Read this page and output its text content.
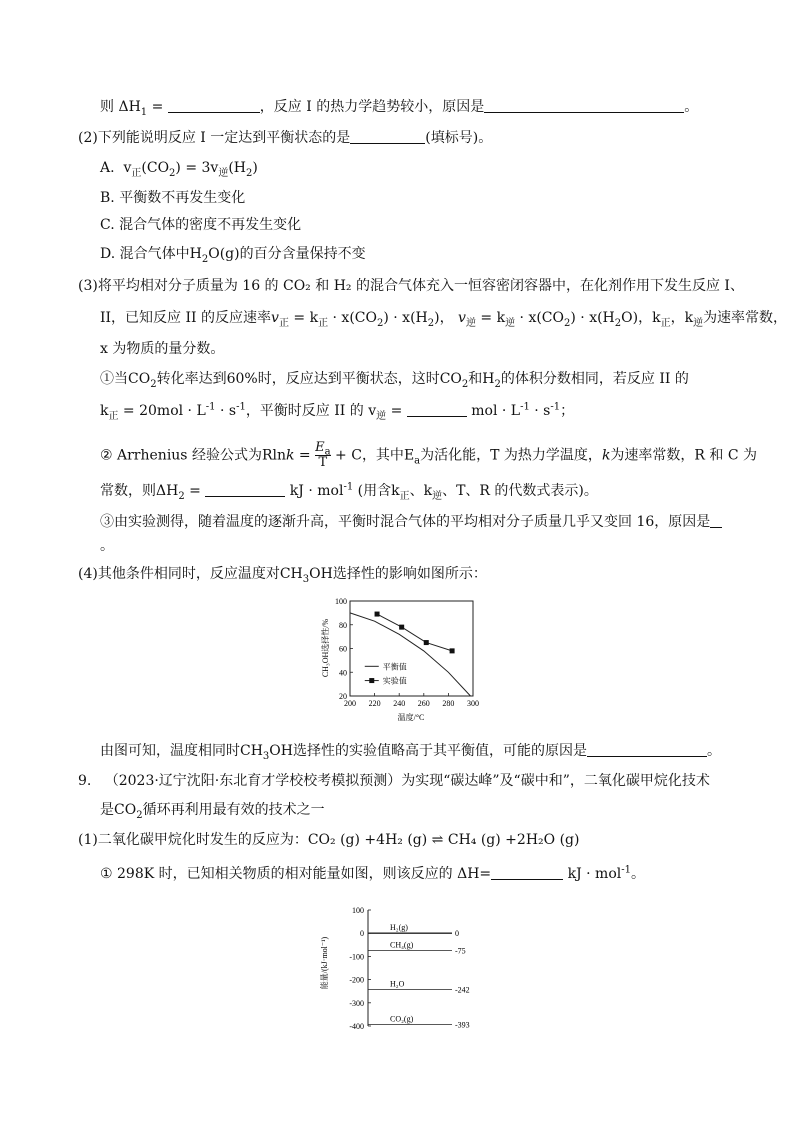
则 $\Delta H_1$ =	，反应 I 的热力学趋势较小，原因是	。
(2)下列能说明反应 I 一定达到平衡状态的是	(填标号)。
A. $v_正(CO_2) = 3v_逆(H_2)$
B. 平衡数不再发生变化
C. 混合气体的密度不再发生变化
D. 混合气体中$H_2O(g)$的百分含量保持不变
(3)将平均相对分子质量为 16 的 CO₂ 和 H₂ 的混合气体充入一恒容密闭容器中，在化剂作用下发生反应 I、
II，已知反应 II 的反应速率$v_正 = k_正 \cdot x(CO_2) \cdot x(H_2)$， $v_逆 = k_逆 \cdot x(CO_2) \cdot x(H_2O)$，$k_正$，$k_逆$为速率常数，
x 为物质的量分数。
①当$CO_2$转化率达到60%时，反应达到平衡状态，这时$CO_2$和$H_2$的体积分数相同，若反应 II 的
$k_正 = 20mol \cdot L^{-1} \cdot s^{-1}$，平衡时反应 II 的 $v_逆$ =	mol · $L^{-1} \cdot s^{-1}$；
② Arrhenius 经验公式为$Rlnk = \frac{E_a}{T} + C$，其中$E_a$为活化能，T 为热力学温度，k为速率常数，R 和 C 为
常数，则$\Delta H_2$ =	kJ · mol$^{-1}$ (用含$k_正$、$k_逆$、T、R 的代数式表示)。
③由实验测得，随着温度的逐渐升高，平衡时混合气体的平均相对分子质量几乎又变回 16，原因是
。
(4)其他条件相同时，反应温度对$CH_3OH$选择性的影响如图所示：
200 220 240 260 280 300
20
40
60
80
100
CH₃OH选择性/%
温度/°C
平衡值
实验值
由图可知，温度相同时$CH_3OH$选择性的实验值略高于其平衡值，可能的原因是	。
9. （2023·辽宁沈阳·东北育才学校校考模拟预测）为实现“碳达峰”及“碳中和”，二氧化碳甲烷化技术
是$CO_2$循环再利用最有效的技术之一
(1)二氧化碳甲烷化时发生的反应为：CO₂ (g) +4H₂ (g) ⇌ CH₄ (g) +2H₂O (g)
① 298K 时，已知相关物质的相对能量如图，则该反应的 ΔH=	kJ · mol$^{-1}$。
100
0
-100
-200
-300
-400
能量/(kJ·mol⁻¹)
H₂(g)
0
CH₄(g)
-75
H₂O
-242
CO₂(g)
-393
